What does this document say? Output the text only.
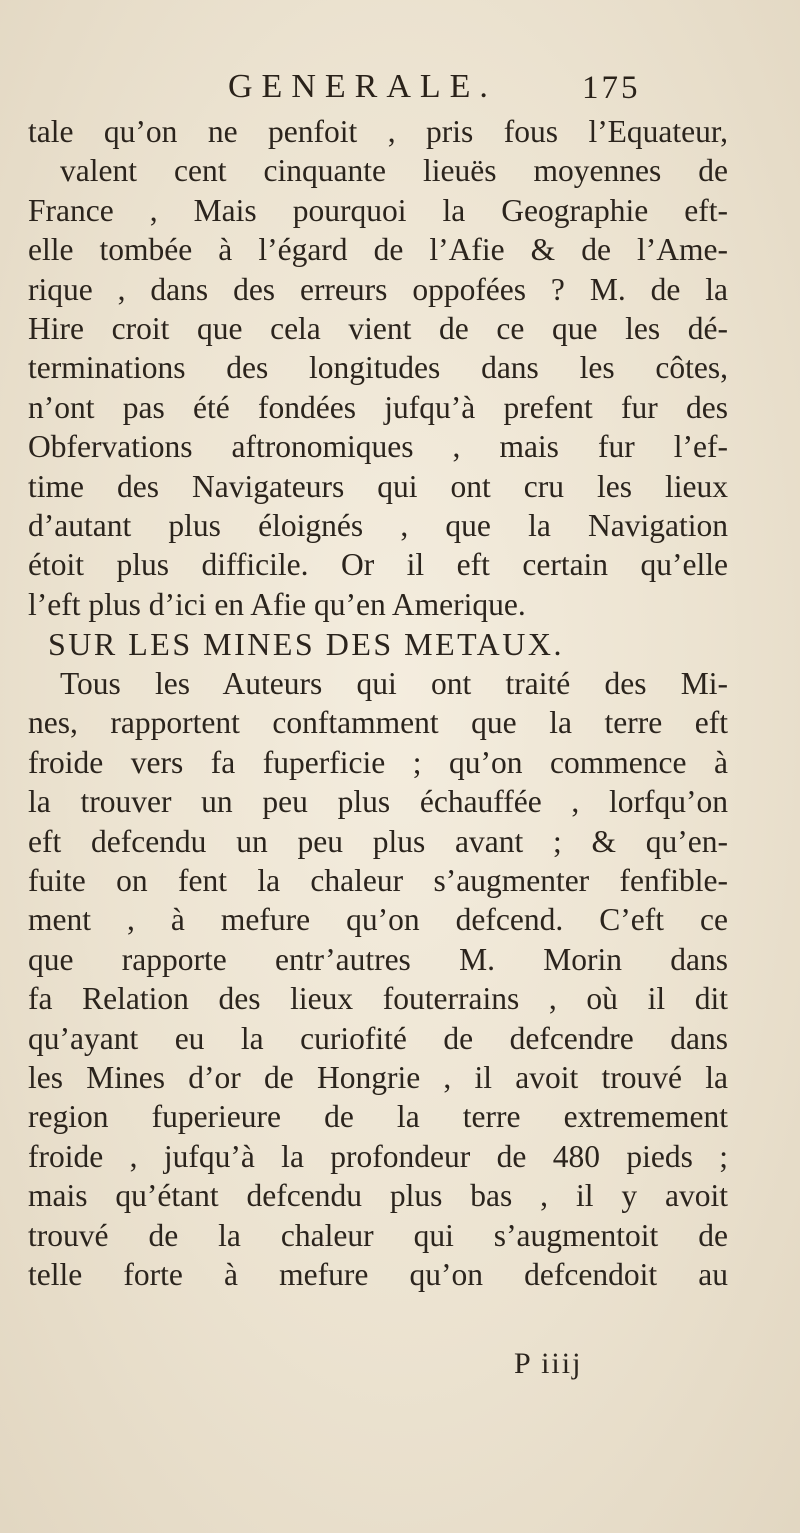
GENERALE.	175
tale qu’on ne penfoit , pris fous l’Equateur,
valent cent cinquante lieuës moyennes de
France , Mais pourquoi la Geographie eft-
elle tombée à l’égard de l’Afie & de l’Ame-
rique , dans des erreurs oppofées ? M. de la
Hire croit que cela vient de ce que les dé-
terminations des longitudes dans les côtes,
n’ont pas été fondées jufqu’à prefent fur des
Obfervations aftronomiques , mais fur l’ef-
time des Navigateurs qui ont cru les lieux
d’autant plus éloignés , que la Navigation
étoit plus difficile. Or il eft certain qu’elle
l’eft plus d’ici en Afie qu’en Amerique.
SUR LES MINES DES METAUX.
Tous les Auteurs qui ont traité des Mi-
nes, rapportent conftamment que la terre eft
froide vers fa fuperficie ; qu’on commence à
la trouver un peu plus échauffée , lorfqu’on
eft defcendu un peu plus avant ; & qu’en-
fuite on fent la chaleur s’augmenter fenfible-
ment , à mefure qu’on defcend. C’eft ce
que rapporte entr’autres M. Morin dans
fa Relation des lieux fouterrains , où il dit
qu’ayant eu la curiofité de defcendre dans
les Mines d’or de Hongrie , il avoit trouvé la
region fuperieure de la terre extremement
froide , jufqu’à la profondeur de 480 pieds ;
mais qu’étant defcendu plus bas , il y avoit
trouvé de la chaleur qui s’augmentoit de
telle forte à mefure qu’on defcendoit au
P iiij
